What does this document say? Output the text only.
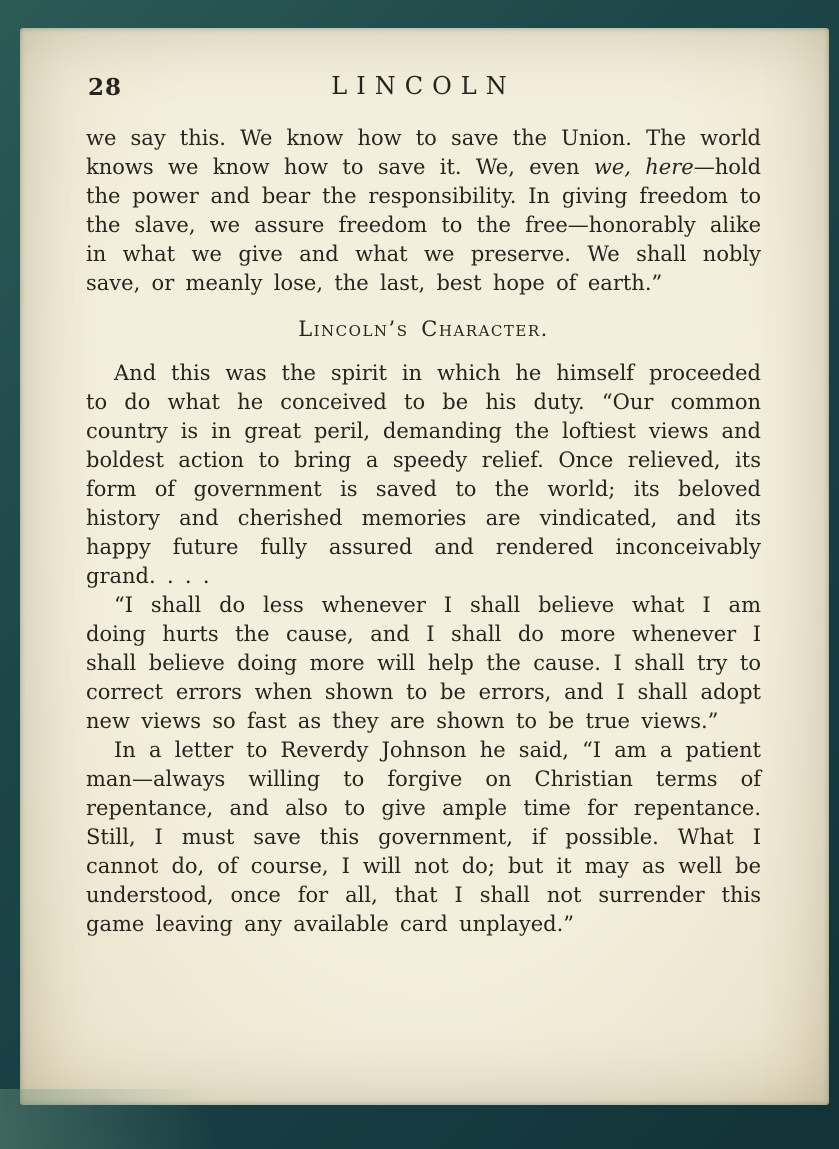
28	LINCOLN

we say this. We know how to save the Union. The world knows we know how to save it. We, even we, here—hold the power and bear the responsibility. In giving freedom to the slave, we assure freedom to the free—honorably alike in what we give and what we preserve. We shall nobly save, or meanly lose, the last, best hope of earth.”

Lincoln’s Character.

And this was the spirit in which he himself proceeded to do what he conceived to be his duty. “Our common country is in great peril, demanding the loftiest views and boldest action to bring a speedy relief. Once relieved, its form of government is saved to the world; its beloved history and cherished memories are vindicated, and its happy future fully assured and rendered inconceivably grand. . . .

“I shall do less whenever I shall believe what I am doing hurts the cause, and I shall do more whenever I shall believe doing more will help the cause. I shall try to correct errors when shown to be errors, and I shall adopt new views so fast as they are shown to be true views.”

In a letter to Reverdy Johnson he said, “I am a patient man—always willing to forgive on Christian terms of repentance, and also to give ample time for repentance. Still, I must save this government, if possible. What I cannot do, of course, I will not do; but it may as well be understood, once for all, that I shall not surrender this game leaving any available card unplayed.”
